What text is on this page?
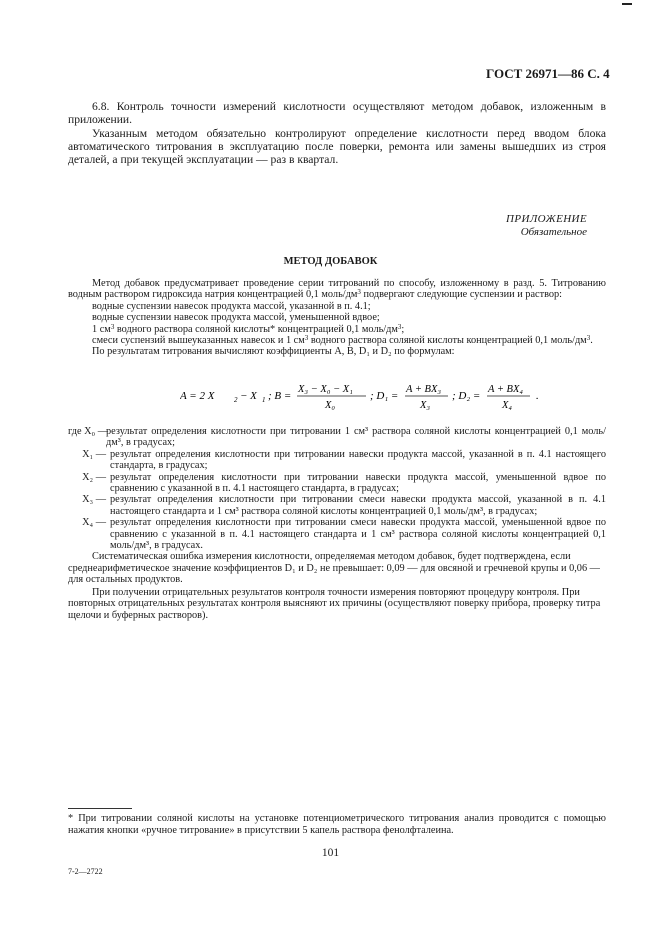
ГОСТ 26971—86 С. 4
6.8. Контроль точности измерений кислотности осуществляют методом добавок, изложенным в приложении.
Указанным методом обязательно контролируют определение кислотности перед вводом блока автоматического титрования в эксплуатацию после поверки, ремонта или замены вышедших из строя деталей, а при текущей эксплуатации — раз в квартал.
ПРИЛОЖЕНИЕ
Обязательное
МЕТОД ДОБАВОК
Метод добавок предусматривает проведение серии титрований по способу, изложенному в разд. 5. Титрованию водным раствором гидроксида натрия концентрацией 0,1 моль/$дм^3$ подвергают следующие суспензии и раствор:
водные суспензии навесок продукта массой, указанной в п. 4.1;
водные суспензии навесок продукта массой, уменьшенной вдвое;
1 $см^3$ водного раствора соляной кислоты* концентрацией 0,1 моль/$дм^3$;
смеси суспензий вышеуказанных навесок и 1 $см^3$ водного раствора соляной кислоты концентрацией 0,1 моль/$дм^3$.
По результатам титрования вычисляют коэффициенты A, B, D₁ и D₂ по формулам:
A = 2 X	2 − X 1 ; B =
X₃ − X₀ − X₁
X₀
; D₁ =
A + BX₃
X₃
; D₂ =
A + BX₄
X₄
.
где X₀ —
результат определения кислотности при титровании 1 см³ раствора соляной кислоты концентрацией 0,1 моль/дм³, в градусах;
X₁ — результат определения кислотности при титровании навески продукта массой, указанной в п. 4.1 настоящего стандарта, в градусах;
X₂ — результат определения кислотности при титровании навески продукта массой, уменьшенной вдвое по сравнению с указанной в п. 4.1 настоящего стандарта, в градусах;
X₃ — результат определения кислотности при титровании смеси навески продукта массой, указанной в п. 4.1 настоящего стандарта и 1 см³ раствора соляной кислоты концентрацией 0,1 моль/дм³, в градусах;
X₄ — результат определения кислотности при титровании смеси навески продукта массой, уменьшенной вдвое по сравнению с указанной в п. 4.1 настоящего стандарта и 1 см³ раствора соляной кислоты концентрацией 0,1 моль/дм³, в градусах.
Систематическая ошибка измерения кислотности, определяемая методом добавок, будет подтверждена, если среднеарифметическое значение коэффициентов D₁ и D₂ не превышает: 0,09 — для овсяной и гречневой крупы и 0,06 — для остальных продуктов.
При получении отрицательных результатов контроля точности измерения повторяют процедуру контроля. При повторных отрицательных результатах контроля выясняют их причины (осуществляют поверку прибора, проверку титра щелочи и буферных растворов).
* При титровании соляной кислоты на установке потенциометрического титрования анализ проводится с помощью нажатия кнопки «ручное титрование» в присутствии 5 капель раствора фенолфталеина.
101
7-2—2722
